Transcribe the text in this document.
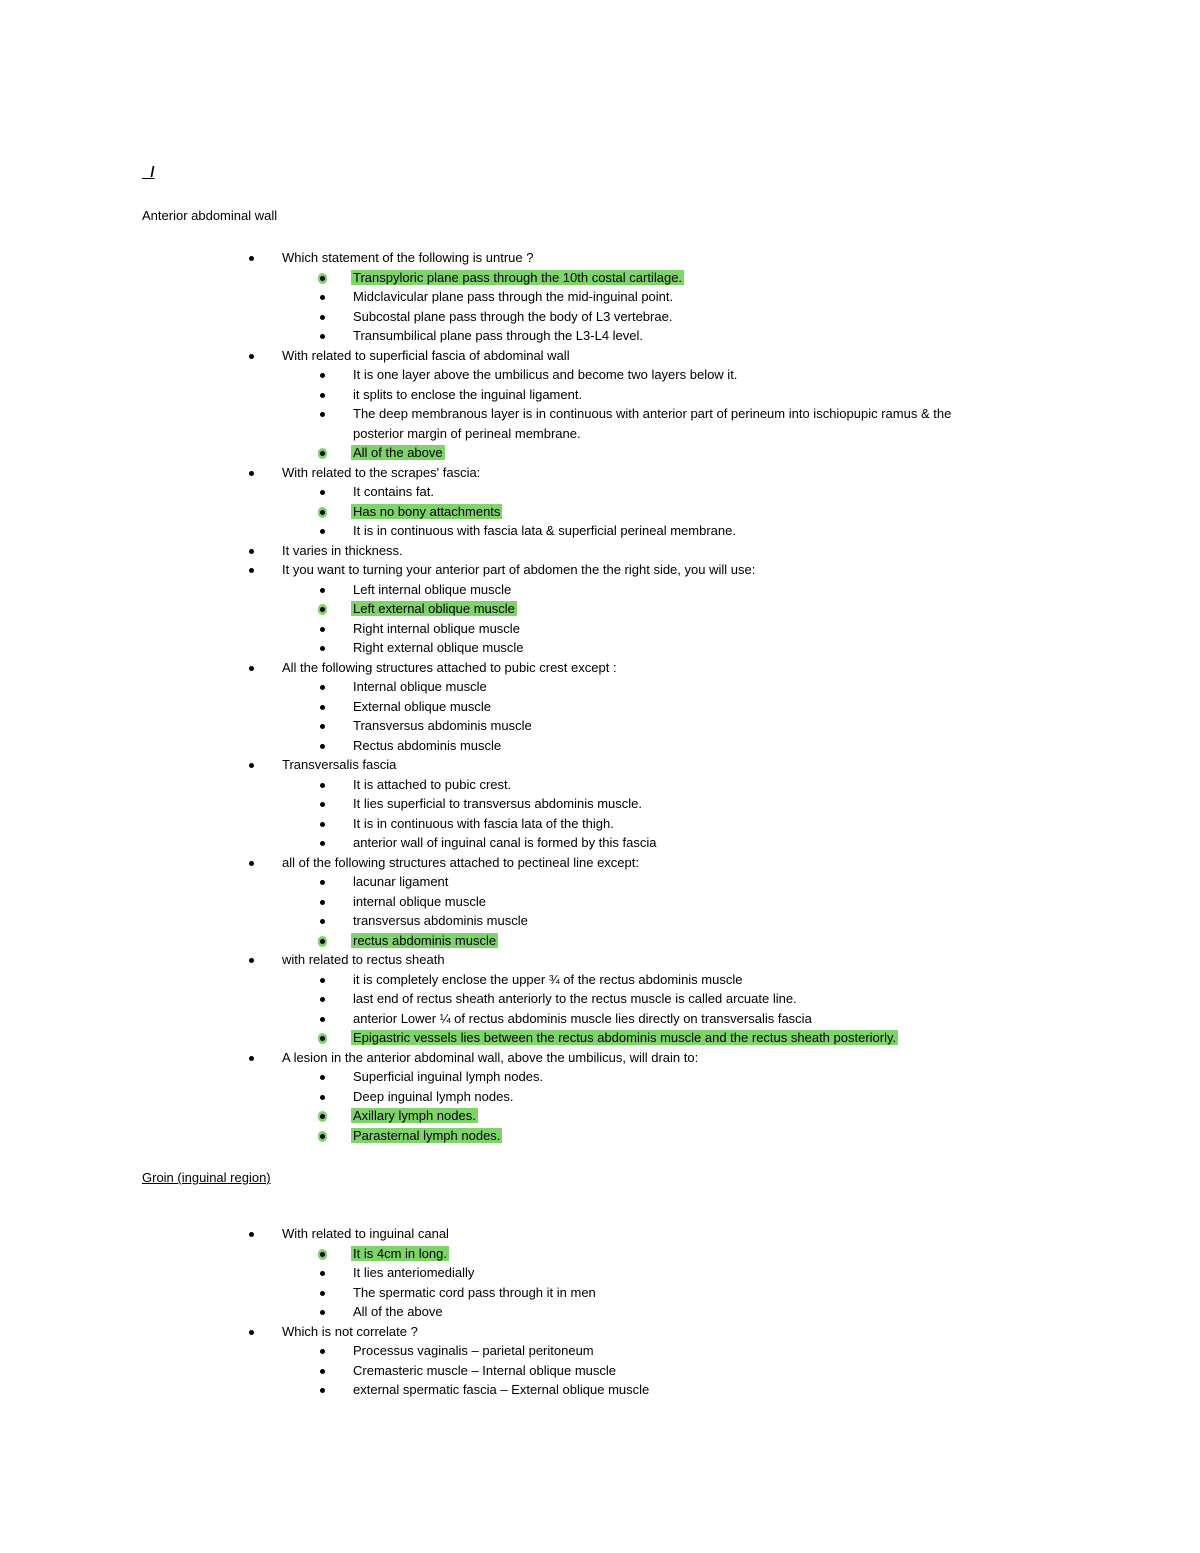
_/
Anterior abdominal wall
Which statement of the following is untrue ?
Transpyloric plane pass through the 10th costal cartilage.
Midclavicular plane pass through the mid-inguinal point.
Subcostal plane pass through the body of L3 vertebrae.
Transumbilical plane pass through the L3-L4 level.
With related to superficial fascia of abdominal wall
It is one layer above the umbilicus and become two layers below it.
it splits to enclose the inguinal ligament.
The deep membranous layer is in continuous with anterior part of perineum into ischiopupic ramus & the
posterior margin of perineal membrane.
All of the above
With related to the scrapes' fascia:
It contains fat.
Has no bony attachments
It is in continuous with fascia lata & superficial perineal membrane.
It varies in thickness.
It you want to turning your anterior part of abdomen the the right side, you will use:
Left internal oblique muscle
Left external oblique muscle
Right internal oblique muscle
Right external oblique muscle
All the following structures attached to pubic crest except :
Internal oblique muscle
External oblique muscle
Transversus abdominis muscle
Rectus abdominis muscle
Transversalis fascia
It is attached to pubic crest.
It lies superficial to transversus abdominis muscle.
It is in continuous with fascia lata of the thigh.
anterior wall of inguinal canal is formed by this fascia
all of the following structures attached to pectineal line except:
lacunar ligament
internal oblique muscle
transversus abdominis muscle
rectus abdominis muscle
with related to rectus sheath
it is completely enclose the upper ¾ of the rectus abdominis muscle
last end of rectus sheath anteriorly to the rectus muscle is called arcuate line.
anterior Lower ¼ of rectus abdominis muscle lies directly on transversalis fascia
Epigastric vessels lies between the rectus abdominis muscle and the rectus sheath posteriorly.
A lesion in the anterior abdominal wall, above the umbilicus, will drain to:
Superficial inguinal lymph nodes.
Deep inguinal lymph nodes.
Axillary lymph nodes.
Parasternal lymph nodes.
Groin (inguinal region)
With related to inguinal canal
It is 4cm in long.
It lies anteriomedially
The spermatic cord pass through it in men
All of the above
Which is not correlate ?
Processus vaginalis – parietal peritoneum
Cremasteric muscle – Internal oblique muscle
external spermatic fascia – External oblique muscle
